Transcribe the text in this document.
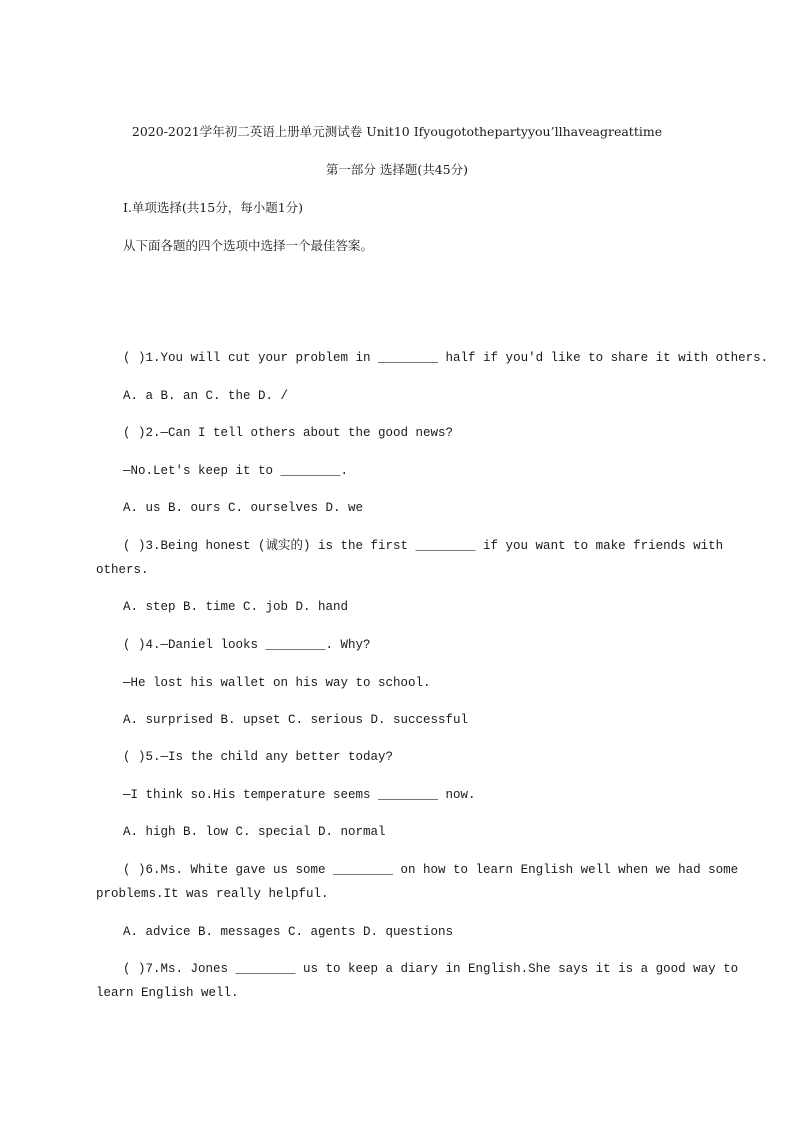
2020-2021学年初二英语上册单元测试卷 Unit10 Ifyougotothepartyyou’llhaveagreattime
第一部分 选择题(共45分)
Ⅰ.单项选择(共15分，每小题1分)
从下面各题的四个选项中选择一个最佳答案。
( )1.You will cut your problem in ________ half if you'd like to share it with others.
A. a B. an C. the D. /
( )2.—Can I tell others about the good news?
—No.Let's keep it to ________.
A. us B. ours C. ourselves D. we
( )3.Being honest (诚实的) is the first ________ if you want to make friends with
others.
A. step B. time C. job D. hand
( )4.—Daniel looks ________. Why?
—He lost his wallet on his way to school.
A. surprised B. upset C. serious D. successful
( )5.—Is the child any better today?
—I think so.His temperature seems ________ now.
A. high B. low C. special D. normal
( )6.Ms. White gave us some ________ on how to learn English well when we had some
problems.It was really helpful.
A. advice B. messages C. agents D. questions
( )7.Ms. Jones ________ us to keep a diary in English.She says it is a good way to
learn English well.
